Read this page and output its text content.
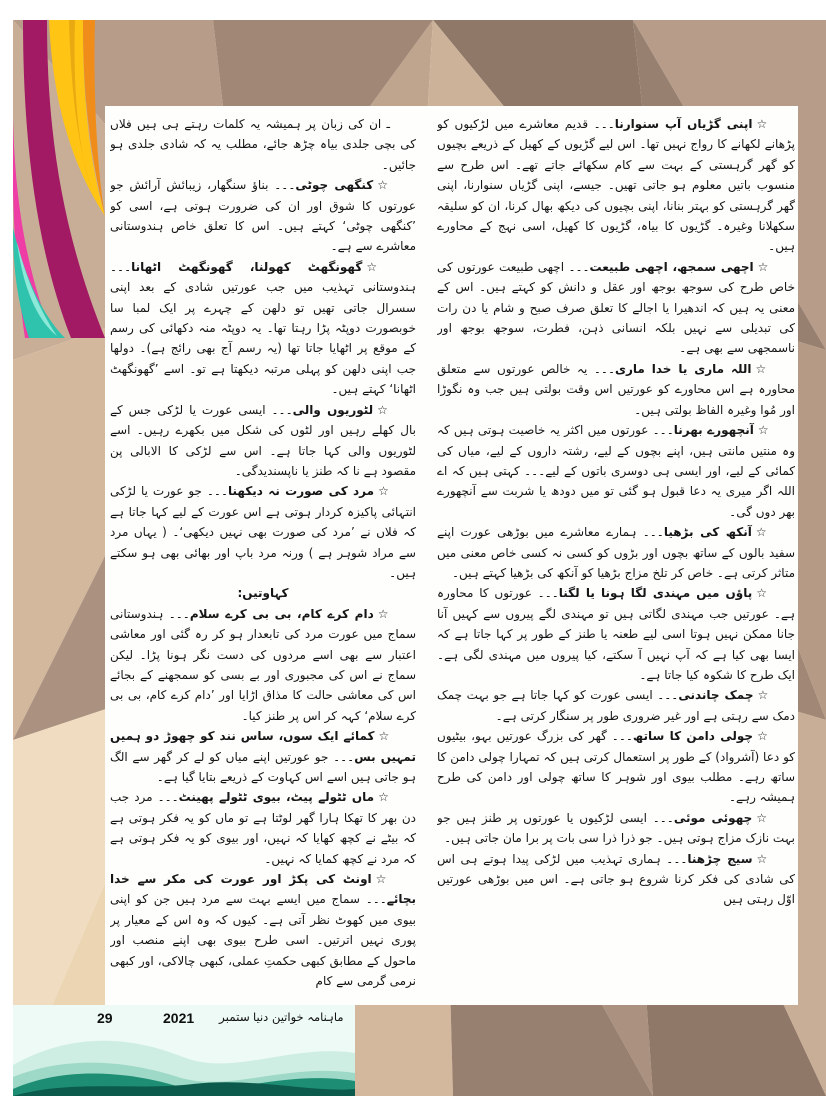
☆اپنی گڑیاں آپ سنوارنا۔۔۔ قدیم معاشرے میں لڑکیوں کو پڑھانے لکھانے کا رواج نہیں تھا۔ اس لیے گڑیوں کے کھیل کے ذریعے بچیوں کو گھر گرہستی کے بہت سے کام سکھائے جاتے تھے۔ اس طرح سے منسوب باتیں معلوم ہو جاتی تھیں۔ جیسے، اپنی گڑیاں سنوارنا، اپنی گھر گرہستی کو بہتر بنانا، اپنی بچیوں کی دیکھ بھال کرنا، ان کو سلیقہ سکھلانا وغیرہ۔ گڑیوں کا بیاہ، گڑیوں کا کھیل، اسی نہج کے محاورے ہیں۔

☆اچھی سمجھ، اچھی طبیعت۔۔۔ اچھی طبیعت عورتوں کی خاص طرح کی سوجھ بوجھ اور عقل و دانش کو کہتے ہیں۔ اس کے معنی یہ ہیں کہ اندھیرا یا اجالے کا تعلق صرف صبح و شام یا دن رات کی تبدیلی سے نہیں بلکہ انسانی ذہن، فطرت، سوجھ بوجھ اور ناسمجھی سے بھی ہے۔

☆اللہ ماری یا خدا ماری۔۔۔ یہ خالص عورتوں سے متعلق محاورہ ہے اس محاورے کو عورتیں اس وقت بولتی ہیں جب وہ نگوڑا اور مُوا وغیرہ الفاظ بولتی ہیں۔

☆آنچھورے بھرنا۔۔۔ عورتوں میں اکثر یہ خاصیت ہوتی ہیں کہ وہ منتیں مانتی ہیں، اپنے بچوں کے لیے، رشتہ داروں کے لیے، میاں کی کمائی کے لیے، اور ایسی ہی دوسری باتوں کے لیے۔۔۔ کہتی ہیں کہ اے اللہ اگر میری یہ دعا قبول ہو گئی تو میں دودھ یا شربت سے آنچھورے بھر دوں گی۔

☆آنکھ کی بڑھیا۔۔۔ ہمارے معاشرے میں بوڑھی عورت اپنے سفید بالوں کے ساتھ بچوں اور بڑوں کو کسی نہ کسی خاص معنی میں متاثر کرتی ہے۔ خاص کر تلخ مزاج بڑھیا کو آنکھ کی بڑھیا کہتے ہیں۔

☆پاؤں میں مہندی لگا ہونا یا لگنا۔۔۔ عورتوں کا محاورہ ہے۔ عورتیں جب مہندی لگاتی ہیں تو مہندی لگے پیروں سے کہیں آنا جانا ممکن نہیں ہوتا اسی لیے طعنہ یا طنز کے طور پر کہا جاتا ہے کہ ایسا بھی کیا ہے کہ آپ نہیں آ سکتے، کیا پیروں میں مہندی لگی ہے۔ ایک طرح کا شکوہ کیا جاتا ہے۔

☆چمک چاندنی۔۔۔ ایسی عورت کو کہا جاتا ہے جو بہت چمک دمک سے رہتی ہے اور غیر ضروری طور پر سنگار کرتی ہے۔

☆چولی دامن کا ساتھ۔۔۔ گھر کی بزرگ عورتیں بہو، بیٹیوں کو دعا (آشرواد) کے طور پر استعمال کرتی ہیں کہ تمہارا چولی دامن کا ساتھ رہے۔ مطلب بیوی اور شوہر کا ساتھ چولی اور دامن کی طرح ہمیشہ رہے۔

☆چھوئی موئی۔۔۔ ایسی لڑکیوں یا عورتوں پر طنز ہیں جو بہت نازک مزاج ہوتی ہیں۔ جو ذرا ذرا سی بات پر برا مان جاتی ہیں۔

☆سیج چڑھنا۔۔۔ ہماری تہذیب میں لڑکی پیدا ہوتے ہی اس کی شادی کی فکر کرنا شروع ہو جاتی ہے۔ اس میں بوڑھی عورتیں اوّل رہتی ہیں

ـ ان کی زبان پر ہمیشہ یہ کلمات رہتے ہی ہیں فلاں کی بچی جلدی بیاہ چڑھ جائے، مطلب یہ کہ شادی جلدی ہو جائیں۔

☆کنگھی چوٹی۔۔۔ بناؤ سنگھار، زیبائش آرائش جو عورتوں کا شوق اور ان کی ضرورت ہوتی ہے، اسی کو ’کنگھی چوٹی‘ کہتے ہیں۔ اس کا تعلق خاص ہندوستانی معاشرے سے ہے۔

☆گھونگھٹ کھولنا، گھونگھٹ اٹھانا۔۔۔ ہندوستانی تہذیب میں جب عورتیں شادی کے بعد اپنی سسرال جاتی تھیں تو دلھن کے چہرے پر ایک لمبا سا خوبصورت دوپٹہ پڑا رہتا تھا۔ یہ دوپٹہ منہ دکھائی کی رسم کے موقع پر اٹھایا جاتا تھا (یہ رسم آج بھی رائج ہے)۔ دولھا جب اپنی دلھن کو پہلی مرتبہ دیکھتا ہے تو۔ اسے ’گھونگھٹ اٹھانا‘ کہتے ہیں۔

☆لٹوریوں والی۔۔۔ ایسی عورت یا لڑکی جس کے بال کھلے رہیں اور لٹوں کی شکل میں بکھرے رہیں۔ اسے لٹوریوں والی کہا جاتا ہے۔ اس سے لڑکی کا الابالی پن مقصود ہے نا کہ طنز یا ناپسندیدگی۔

☆مرد کی صورت نہ دیکھنا۔۔۔ جو عورت یا لڑکی انتہائی پاکیزہ کردار ہوتی ہے اس عورت کے لیے کہا جاتا ہے کہ فلاں نے ’مرد کی صورت بھی نہیں دیکھی‘۔ ( یہاں مرد سے مراد شوہر ہے ) ورنہ مرد باپ اور بھائی بھی ہو سکتے ہیں۔

کہاوتیں:

☆دام کرے کام، بی بی کرے سلام۔۔۔ ہندوستانی سماج میں عورت مرد کی تابعدار ہو کر رہ گئی اور معاشی اعتبار سے بھی اسے مردوں کی دست نگر ہونا پڑا۔ لیکن سماج نے اس کی مجبوری اور بے بسی کو سمجھنے کے بجائے اس کی معاشی حالت کا مذاق اڑایا اور ’دام کرے کام، بی بی کرے سلام‘ کہہ کر اس پر طنز کیا۔

☆کمائے ایک سوں، ساس نند کو چھوڑ دو ہمیں تمہیں بس۔۔۔ جو عورتیں اپنے میاں کو لے کر گھر سے الگ ہو جاتی ہیں اسے اس کہاوت کے ذریعے بتایا گیا ہے۔

☆ماں ٹٹولے پیٹ، بیوی ٹٹولے پھینٹ۔۔۔ مرد جب دن بھر کا تھکا ہارا گھر لوٹتا ہے تو ماں کو یہ فکر ہوتی ہے کہ بیٹے نے کچھ کھایا کہ نہیں، اور بیوی کو یہ فکر ہوتی ہے کہ مرد نے کچھ کمایا کہ نہیں۔

☆اونٹ کی پکڑ اور عورت کی مکر سے خدا بچائے۔۔۔ سماج میں ایسے بہت سے مرد ہیں جن کو اپنی بیوی میں کھوٹ نظر آتی ہے۔ کیوں کہ وہ اس کے معیار پر پوری نہیں اترتیں۔ اسی طرح بیوی بھی اپنے منصب اور ماحول کے مطابق کبھی حکمتِ عملی، کبھی چالاکی، اور کبھی نرمی گرمی سے کام

29	2021 ستمبر ماہنامہ خواتین دنیا
